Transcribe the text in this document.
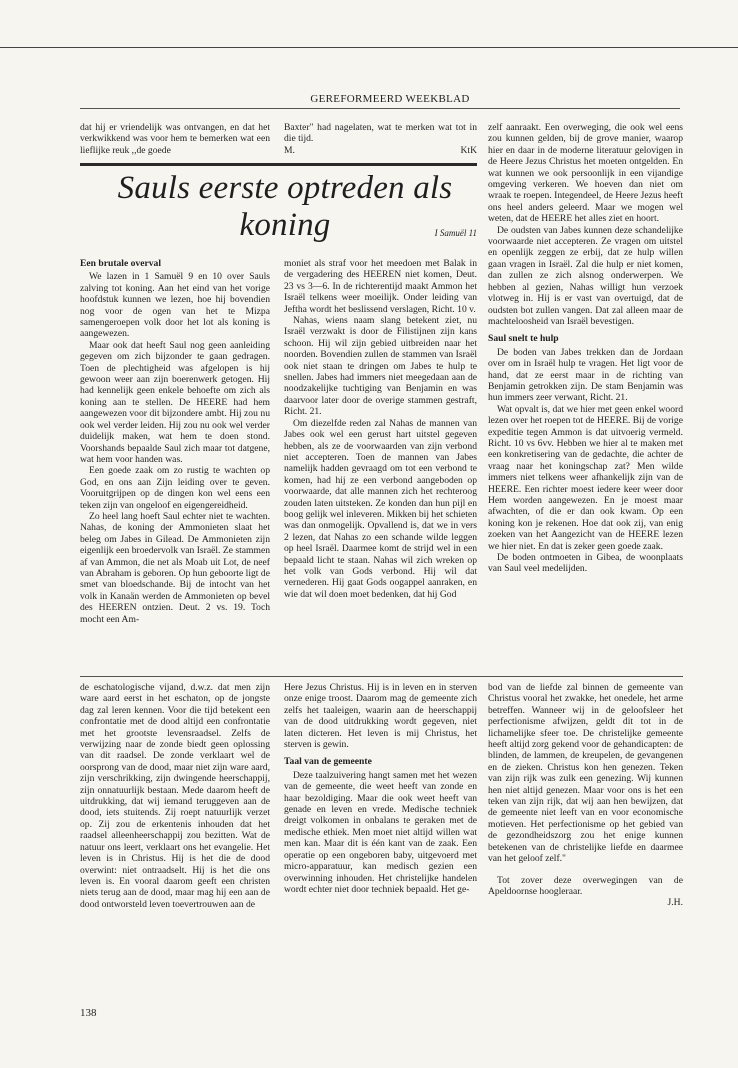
GEREFORMEERD WEEKBLAD

dat hij er vriendelijk was ontvangen, en dat het verkwikkend was voor hem te bemerken wat een lieflijke reuk ,,de goede

Baxter" had nagelaten, wat te merken wat tot in die tijd.

M.	KtK
Sauls eerste optreden als koning	I Samuël 11
Een brutale overval

We lazen in 1 Samuël 9 en 10 over Sauls zalving tot koning. Aan het eind van het vorige hoofdstuk kunnen we lezen, hoe hij bovendien nog voor de ogen van het te Mizpa samengeroepen volk door het lot als koning is aangewezen.

Maar ook dat heeft Saul nog geen aanleiding gegeven om zich bijzonder te gaan gedragen. Toen de plechtigheid was afgelopen is hij gewoon weer aan zijn boerenwerk getogen. Hij had kennelijk geen enkele behoefte om zich als koning aan te stellen. De HEERE had hem aangewezen voor dit bijzondere ambt. Hij zou nu ook wel verder leiden. Hij zou nu ook wel verder duidelijk maken, wat hem te doen stond. Voorshands bepaalde Saul zich maar tot datgene, wat hem voor handen was.

Een goede zaak om zo rustig te wachten op God, en ons aan Zijn leiding over te geven. Vooruitgrijpen op de dingen kon wel eens een teken zijn van ongeloof en eigengereidheid.

Zo heel lang hoeft Saul echter niet te wachten. Nahas, de koning der Ammonieten slaat het beleg om Jabes in Gilead. De Ammonieten zijn eigenlijk een broedervolk van Israël. Ze stammen af van Ammon, die net als Moab uit Lot, de neef van Abraham is geboren. Op hun geboorte ligt de smet van bloedschande. Bij de intocht van het volk in Kanaän werden de Ammonieten op bevel des HEEREN ontzien. Deut. 2 vs. 19. Toch mocht een Am-

moniet als straf voor het meedoen met Balak in de vergadering des HEEREN niet komen, Deut. 23 vs 3—6. In de richterentijd maakt Ammon het Israël telkens weer moeilijk. Onder leiding van Jeftha wordt het beslissend verslagen, Richt. 10 v.

Nahas, wiens naam slang betekent ziet, nu Israël verzwakt is door de Filistijnen zijn kans schoon. Hij wil zijn gebied uitbreiden naar het noorden. Bovendien zullen de stammen van Israël ook niet staan te dringen om Jabes te hulp te snellen. Jabes had immers niet meegedaan aan de noodzakelijke tuchtiging van Benjamin en was daarvoor later door de overige stammen gestraft, Richt. 21.

Om diezelfde reden zal Nahas de mannen van Jabes ook wel een gerust hart uitstel gegeven hebben, als ze de voorwaarden van zijn verbond niet accepteren. Toen de mannen van Jabes namelijk hadden gevraagd om tot een verbond te komen, had hij ze een verbond aangeboden op voorwaarde, dat alle mannen zich het rechteroog zouden laten uitsteken. Ze konden dan hun pijl en boog gelijk wel inleveren. Mikken bij het schieten was dan onmogelijk. Opvallend is, dat we in vers 2 lezen, dat Nahas zo een schande wilde leggen op heel Israël. Daarmee komt de strijd wel in een bepaald licht te staan. Nahas wil zich wreken op het volk van Gods verbond. Hij wil dat vernederen. Hij gaat Gods oogappel aanraken, en wie dat wil doen moet bedenken, dat hij God

zelf aanraakt. Een overweging, die ook wel eens zou kunnen gelden, bij de grove manier, waarop hier en daar in de moderne literatuur gelovigen in de Heere Jezus Christus het moeten ontgelden. En wat kunnen we ook persoonlijk in een vijandige omgeving verkeren. We hoeven dan niet om wraak te roepen. Integendeel, de Heere Jezus heeft ons heel anders geleerd. Maar we mogen wel weten, dat de HEERE het alles ziet en hoort.

De oudsten van Jabes kunnen deze schandelijke voorwaarde niet accepteren. Ze vragen om uitstel en openlijk zeggen ze erbij, dat ze hulp willen gaan vragen in Israël. Zal die hulp er niet komen, dan zullen ze zich alsnog onderwerpen. We hebben al gezien, Nahas willigt hun verzoek vlotweg in. Hij is er vast van overtuigd, dat de oudsten bot zullen vangen. Dat zal alleen maar de machteloosheid van Israël bevestigen.

Saul snelt te hulp

De boden van Jabes trekken dan de Jordaan over om in Israël hulp te vragen. Het ligt voor de hand, dat ze eerst maar in de richting van Benjamin getrokken zijn. De stam Benjamin was hun immers zeer verwant, Richt. 21.

Wat opvalt is, dat we hier met geen enkel woord lezen over het roepen tot de HEERE. Bij de vorige expeditie tegen Ammon is dat uitvoerig vermeld. Richt. 10 vs 6vv. Hebben we hier al te maken met een konkretisering van de gedachte, die achter de vraag naar het koningschap zat? Men wilde immers niet telkens weer afhankelijk zijn van de HEERE. Een richter moest iedere keer weer door Hem worden aangewezen. En je moest maar afwachten, of die er dan ook kwam. Op een koning kon je rekenen. Hoe dat ook zij, van enig zoeken van het Aangezicht van de HEERE lezen we hier niet. En dat is zeker geen goede zaak.

De boden ontmoeten in Gibea, de woonplaats van Saul veel medelijden.

de eschatologische vijand, d.w.z. dat men zijn ware aard eerst in het eschaton, op de jongste dag zal leren kennen. Voor die tijd betekent een confrontatie met de dood altijd een confrontatie met het grootste levensraadsel. Zelfs de verwijzing naar de zonde biedt geen oplossing van dit raadsel. De zonde verklaart wel de oorsprong van de dood, maar niet zijn ware aard, zijn verschrikking, zijn dwingende heerschappij, zijn onnatuurlijk bestaan. Mede daarom heeft de uitdrukking, dat wij iemand teruggeven aan de dood, iets stuitends. Zij roept natuurlijk verzet op. Zij zou de erkentenis inhouden dat het raadsel alleenheerschappij zou bezitten. Wat de natuur ons leert, verklaart ons het evangelie. Het leven is in Christus. Hij is het die de dood overwint: niet ontraadselt. Hij is het die ons leven is. En vooral daarom geeft een christen niets terug aan de dood, maar mag hij een aan de dood ontworsteld leven toevertrouwen aan de

Here Jezus Christus. Hij is in leven en in sterven onze enige troost. Daarom mag de gemeente zich zelfs het taaleigen, waarin aan de heerschappij van de dood uitdrukking wordt gegeven, niet laten dicteren. Het leven is mij Christus, het sterven is gewin.

Taal van de gemeente

Deze taalzuivering hangt samen met het wezen van de gemeente, die weet heeft van zonde en haar bezoldiging. Maar die ook weet heeft van genade en leven en vrede. Medische techniek dreigt volkomen in onbalans te geraken met de medische ethiek. Men moet niet altijd willen wat men kan. Maar dit is één kant van de zaak. Een operatie op een ongeboren baby, uitgevoerd met micro-apparatuur, kan medisch gezien een overwinning inhouden. Het christelijke handelen wordt echter niet door techniek bepaald. Het ge-

bod van de liefde zal binnen de gemeente van Christus vooral het zwakke, het onedele, het arme betreffen. Wanneer wij in de geloofsleer het perfectionisme afwijzen, geldt dit tot in de lichamelijke sfeer toe. De christelijke gemeente heeft altijd zorg gekend voor de gehandicapten: de blinden, de lammen, de kreupelen, de gevangenen en de zieken. Christus kon hen genezen. Teken van zijn rijk was zulk een genezing. Wij kunnen hen niet altijd genezen. Maar voor ons is het een teken van zijn rijk, dat wij aan hen bewijzen, dat de gemeente niet leeft van en voor economische motieven. Het perfectionisme op het gebied van de gezondheidszorg zou het enige kunnen betekenen van de christelijke liefde en daarmee van het geloof zelf."

Tot zover deze overwegingen van de Apeldoornse hoogleraar.

J.H.
138
